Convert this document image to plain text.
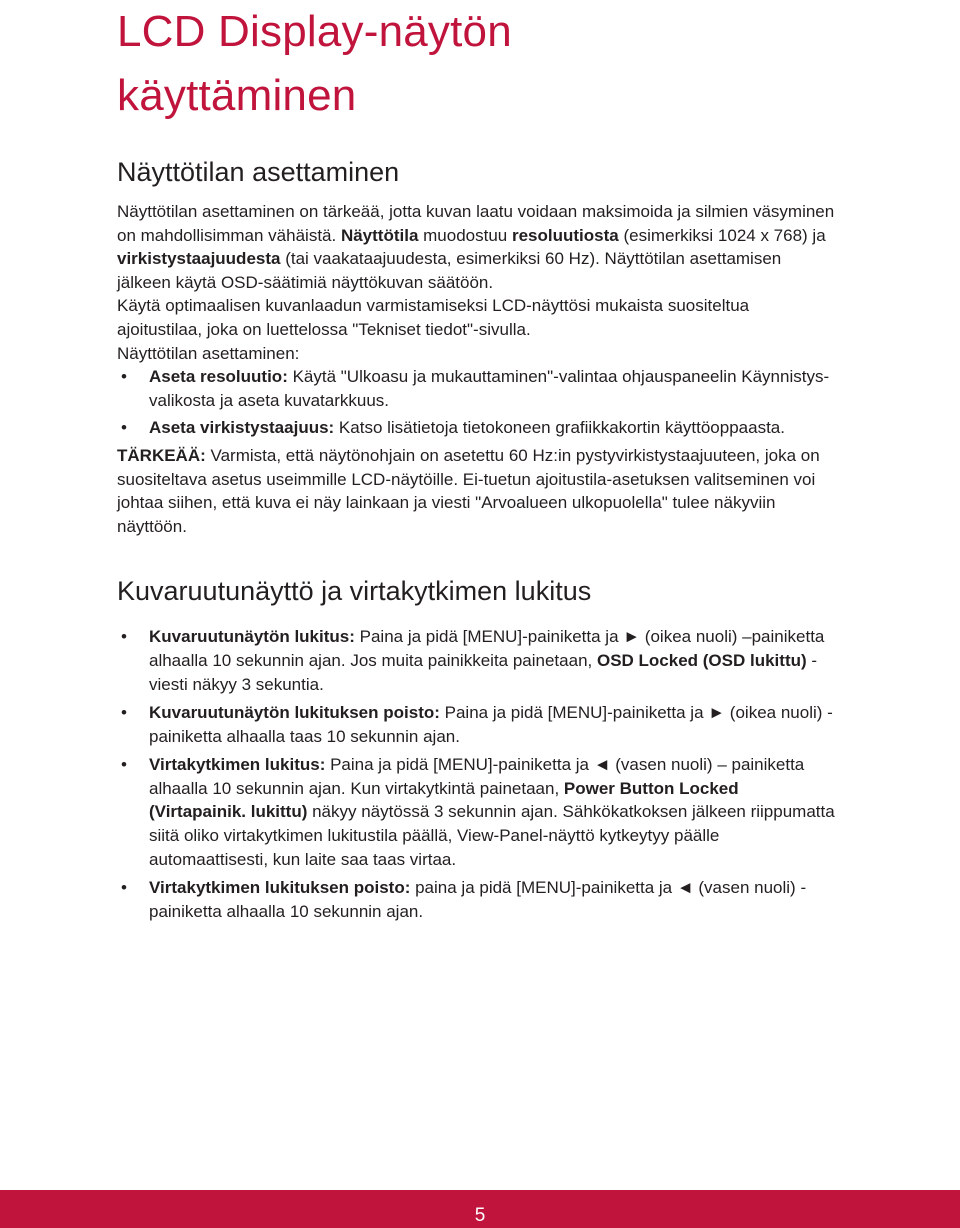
LCD Display-näytön
käyttäminen
Näyttötilan asettaminen

Näyttötilan asettaminen on tärkeää, jotta kuvan laatu voidaan maksimoida ja silmien väsyminen on mahdollisimman vähäistä. Näyttötila muodostuu resoluutiosta (esimerkiksi 1024 x 768) ja virkistystaajuudesta (tai vaakataajuudesta, esimerkiksi 60 Hz). Näyttötilan asettamisen jälkeen käytä OSD-säätimiä näyttökuvan säätöön.

Käytä optimaalisen kuvanlaadun varmistamiseksi LCD-näyttösi mukaista suositeltua ajoitustilaa, joka on luettelossa "Tekniset tiedot"-sivulla.

Näyttötilan asettaminen:

• Aseta resoluutio: Käytä "Ulkoasu ja mukauttaminen"-valintaa ohjauspaneelin Käynnistys-valikosta ja aseta kuvatarkkuus.
• Aseta virkistystaajuus: Katso lisätietoja tietokoneen grafiikkakortin käyttöoppaasta.

TÄRKEÄÄ: Varmista, että näytönohjain on asetettu 60 Hz:in pystyvirkistystaajuuteen, joka on suositeltava asetus useimmille LCD-näytöille. Ei-tuetun ajoitustila-asetuksen valitseminen voi johtaa siihen, että kuva ei näy lainkaan ja viesti "Arvoalueen ulkopuolella" tulee näkyviin näyttöön.

Kuvaruutunäyttö ja virtakytkimen lukitus
• Kuvaruutunäytön lukitus: Paina ja pidä [MENU]-painiketta ja ► (oikea nuoli) –painiketta alhaalla 10 sekunnin ajan. Jos muita painikkeita painetaan, OSD Locked (OSD lukittu) -viesti näkyy 3 sekuntia.
• Kuvaruutunäytön lukituksen poisto: Paina ja pidä [MENU]-painiketta ja ► (oikea nuoli) -painiketta alhaalla taas 10 sekunnin ajan.
• Virtakytkimen lukitus: Paina ja pidä [MENU]-painiketta ja ◄ (vasen nuoli) – painiketta alhaalla 10 sekunnin ajan. Kun virtakytkintä painetaan, Power Button Locked (Virtapainik. lukittu) näkyy näytössä 3 sekunnin ajan. Sähkökatkoksen jälkeen riippumatta siitä oliko virtakytkimen lukitustila päällä, View-Panel-näyttö kytkeytyy päälle automaattisesti, kun laite saa taas virtaa.
• Virtakytkimen lukituksen poisto: paina ja pidä [MENU]-painiketta ja ◄ (vasen nuoli) - painiketta alhaalla 10 sekunnin ajan.
5
